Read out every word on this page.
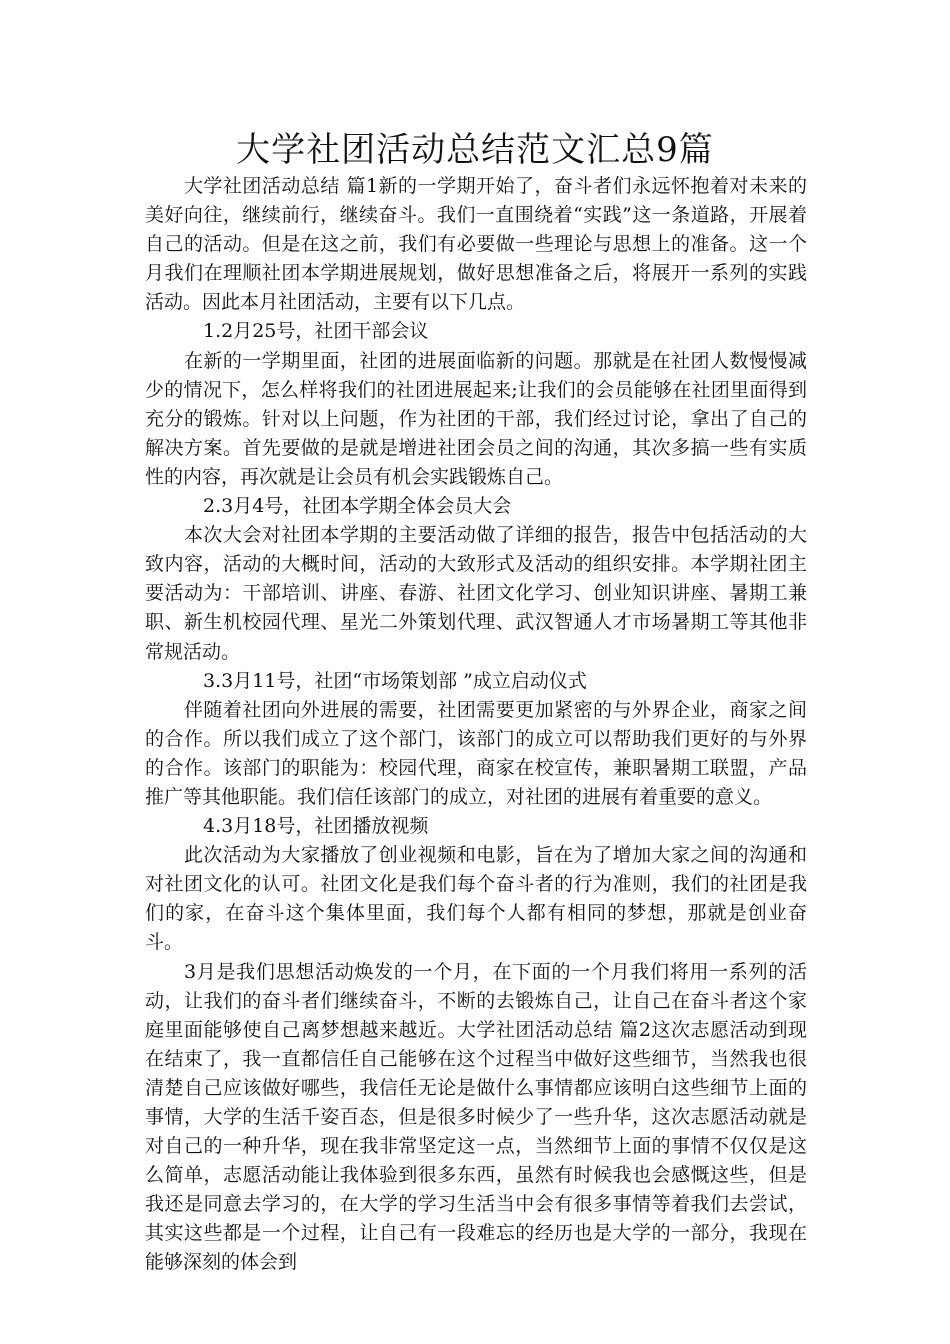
大学社团活动总结范文汇总9篇

大学社团活动总结 篇1新的一学期开始了，奋斗者们永远怀抱着对未来的美好向往，继续前行，继续奋斗。我们一直围绕着“实践”这一条道路，开展着自己的活动。但是在这之前，我们有必要做一些理论与思想上的准备。这一个月我们在理顺社团本学期进展规划，做好思想准备之后，将展开一系列的实践活动。因此本月社团活动，主要有以下几点。

1.2月25号，社团干部会议

在新的一学期里面，社团的进展面临新的问题。那就是在社团人数慢慢减少的情况下，怎么样将我们的社团进展起来;让我们的会员能够在社团里面得到充分的锻炼。针对以上问题，作为社团的干部，我们经过讨论，拿出了自己的解决方案。首先要做的是就是增进社团会员之间的沟通，其次多搞一些有实质性的内容，再次就是让会员有机会实践锻炼自己。

2.3月4号，社团本学期全体会员大会

本次大会对社团本学期的主要活动做了详细的报告，报告中包括活动的大致内容，活动的大概时间，活动的大致形式及活动的组织安排。本学期社团主要活动为：干部培训、讲座、春游、社团文化学习、创业知识讲座、暑期工兼职、新生机校园代理、星光二外策划代理、武汉智通人才市场暑期工等其他非常规活动。

3.3月11号，社团“市场策划部 ”成立启动仪式

伴随着社团向外进展的需要，社团需要更加紧密的与外界企业，商家之间的合作。所以我们成立了这个部门，该部门的成立可以帮助我们更好的与外界的合作。该部门的职能为：校园代理，商家在校宣传，兼职暑期工联盟，产品推广等其他职能。我们信任该部门的成立，对社团的进展有着重要的意义。

4.3月18号，社团播放视频

此次活动为大家播放了创业视频和电影，旨在为了增加大家之间的沟通和对社团文化的认可。社团文化是我们每个奋斗者的行为准则，我们的社团是我们的家，在奋斗这个集体里面，我们每个人都有相同的梦想，那就是创业奋斗。

3月是我们思想活动焕发的一个月，在下面的一个月我们将用一系列的活动，让我们的奋斗者们继续奋斗，不断的去锻炼自己，让自己在奋斗者这个家庭里面能够使自己离梦想越来越近。大学社团活动总结 篇2这次志愿活动到现在结束了，我一直都信任自己能够在这个过程当中做好这些细节，当然我也很清楚自己应该做好哪些，我信任无论是做什么事情都应该明白这些细节上面的事情，大学的生活千姿百态，但是很多时候少了一些升华，这次志愿活动就是对自己的一种升华，现在我非常坚定这一点，当然细节上面的事情不仅仅是这么简单，志愿活动能让我体验到很多东西，虽然有时候我也会感慨这些，但是我还是同意去学习的，在大学的学习生活当中会有很多事情等着我们去尝试，其实这些都是一个过程，让自己有一段难忘的经历也是大学的一部分，我现在能够深刻的体会到
